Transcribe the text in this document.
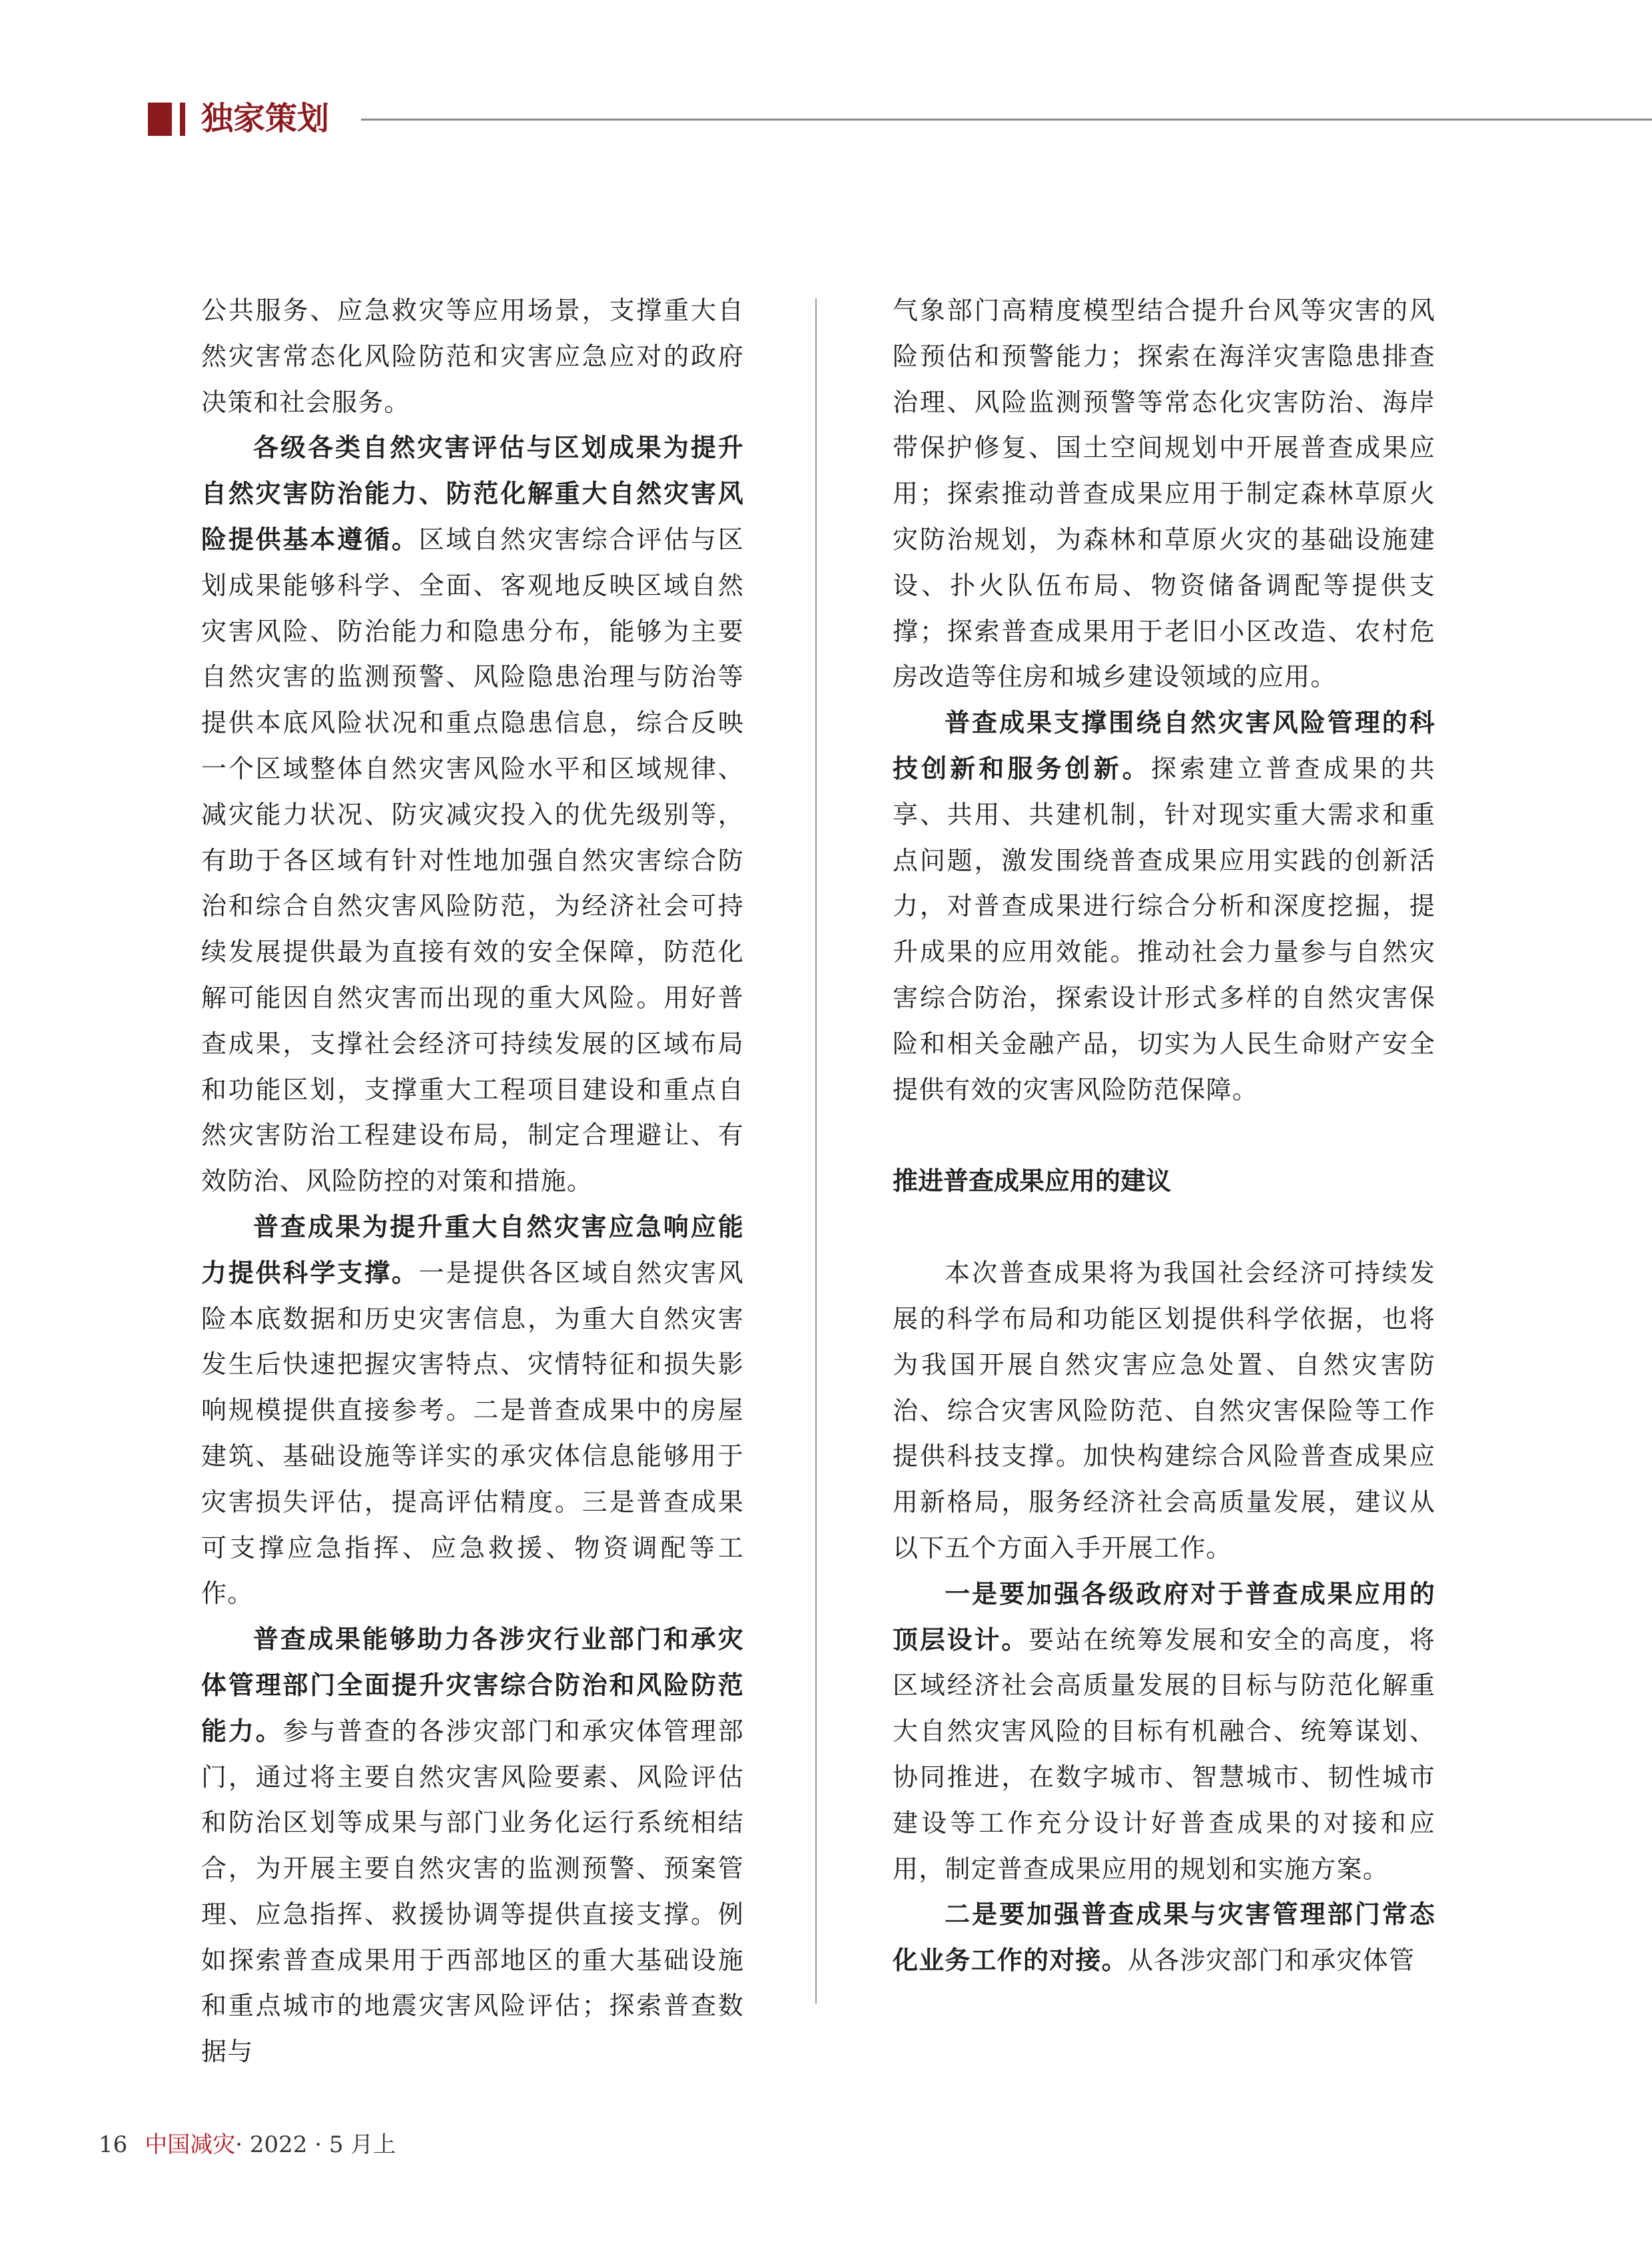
独家策划

公共服务、应急救灾等应用场景，支撑重大自然灾害常态化风险防范和灾害应急应对的政府决策和社会服务。

各级各类自然灾害评估与区划成果为提升自然灾害防治能力、防范化解重大自然灾害风险提供基本遵循。区域自然灾害综合评估与区划成果能够科学、全面、客观地反映区域自然灾害风险、防治能力和隐患分布，能够为主要自然灾害的监测预警、风险隐患治理与防治等提供本底风险状况和重点隐患信息，综合反映一个区域整体自然灾害风险水平和区域规律、减灾能力状况、防灾减灾投入的优先级别等，有助于各区域有针对性地加强自然灾害综合防治和综合自然灾害风险防范，为经济社会可持续发展提供最为直接有效的安全保障，防范化解可能因自然灾害而出现的重大风险。用好普查成果，支撑社会经济可持续发展的区域布局和功能区划，支撑重大工程项目建设和重点自然灾害防治工程建设布局，制定合理避让、有效防治、风险防控的对策和措施。

普查成果为提升重大自然灾害应急响应能力提供科学支撑。一是提供各区域自然灾害风险本底数据和历史灾害信息，为重大自然灾害发生后快速把握灾害特点、灾情特征和损失影响规模提供直接参考。二是普查成果中的房屋建筑、基础设施等详实的承灾体信息能够用于灾害损失评估，提高评估精度。三是普查成果可支撑应急指挥、应急救援、物资调配等工作。

普查成果能够助力各涉灾行业部门和承灾体管理部门全面提升灾害综合防治和风险防范能力。参与普查的各涉灾部门和承灾体管理部门，通过将主要自然灾害风险要素、风险评估和防治区划等成果与部门业务化运行系统相结合，为开展主要自然灾害的监测预警、预案管理、应急指挥、救援协调等提供直接支撑。例如探索普查成果用于西部地区的重大基础设施和重点城市的地震灾害风险评估；探索普查数据与

气象部门高精度模型结合提升台风等灾害的风险预估和预警能力；探索在海洋灾害隐患排查治理、风险监测预警等常态化灾害防治、海岸带保护修复、国土空间规划中开展普查成果应用；探索推动普查成果应用于制定森林草原火灾防治规划，为森林和草原火灾的基础设施建设、扑火队伍布局、物资储备调配等提供支撑；探索普查成果用于老旧小区改造、农村危房改造等住房和城乡建设领域的应用。

普查成果支撑围绕自然灾害风险管理的科技创新和服务创新。探索建立普查成果的共享、共用、共建机制，针对现实重大需求和重点问题，激发围绕普查成果应用实践的创新活力，对普查成果进行综合分析和深度挖掘，提升成果的应用效能。推动社会力量参与自然灾害综合防治，探索设计形式多样的自然灾害保险和相关金融产品，切实为人民生命财产安全提供有效的灾害风险防范保障。

推进普查成果应用的建议

本次普查成果将为我国社会经济可持续发展的科学布局和功能区划提供科学依据，也将为我国开展自然灾害应急处置、自然灾害防治、综合灾害风险防范、自然灾害保险等工作提供科技支撑。加快构建综合风险普查成果应用新格局，服务经济社会高质量发展，建议从以下五个方面入手开展工作。

一是要加强各级政府对于普查成果应用的顶层设计。要站在统筹发展和安全的高度，将区域经济社会高质量发展的目标与防范化解重大自然灾害风险的目标有机融合、统筹谋划、协同推进，在数字城市、智慧城市、韧性城市建设等工作充分设计好普查成果的对接和应用，制定普查成果应用的规划和实施方案。

二是要加强普查成果与灾害管理部门常态化业务工作的对接。从各涉灾部门和承灾体管

16 中国减灾· 2022 · 5 月上
